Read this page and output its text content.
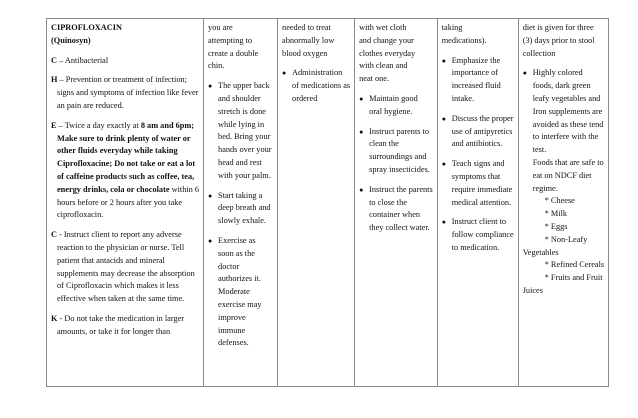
CIPROFLOXACIN
(Quinosyn)
C – Antibacterial
H – Prevention or treatment of infection;
signs and symptoms of infection like fever
an pain are reduced.
E – Twice a day exactly at 8 am and 6pm;
Make sure to drink plenty of water or
other fluids everyday while taking
Ciprofloxacine; Do not take or eat a lot
of caffeine products such as coffee, tea,
energy drinks, cola or chocolate within 6
hours before or 2 hours after you take
ciprofloxacin.
C - Instruct client to report any adverse
reaction to the physician or nurse. Tell
patient that antacids and mineral
supplements may decrease the absorption
of Ciprofloxacin which makes it less
effective when taken at the same time.
K - Do not take the medication in larger
amounts, or take it for longer than

you are
attempting to
create a double
chin.
● The upper back
and shoulder
stretch is done
while lying in
bed. Bring your
hands over your
head and rest
with your palm.
● Start taking a
deep breath and
slowly exhale.
● Exercise as
soon as the
doctor
authorizes it.
Moderate
exercise may
improve
immune
defenses.

needed to treat
abnormally low
blood oxygen
● Administration
of medications as
ordered

with wet cloth
and change your
clothes everyday
with clean and
neat one.
● Maintain good
oral hygiene.
● Instruct parents to
clean the
surroundings and
spray insecticides.
● Instruct the parents
to close the
container when
they collect water.

taking
medications).
● Emphasize the
importance of
increased fluid
intake.
● Discuss the proper
use of antipyretics
and antibiotics.
● Teach signs and
symptoms that
require immediate
medical attention.
● Instruct client to
follow compliance
to medication.

diet is given for three
(3) days prior to stool
collection
● Highly colored
foods, dark green
leafy vegetables and
Iron supplements are
avoided as these tend
to interfere with the
test.
Foods that are safe to
eat on NDCF diet
regime.
* Cheese
* Milk
* Eggs
* Non-Leafy
Vegetables
* Refined Cereals
* Fruits and Fruit
Juices
